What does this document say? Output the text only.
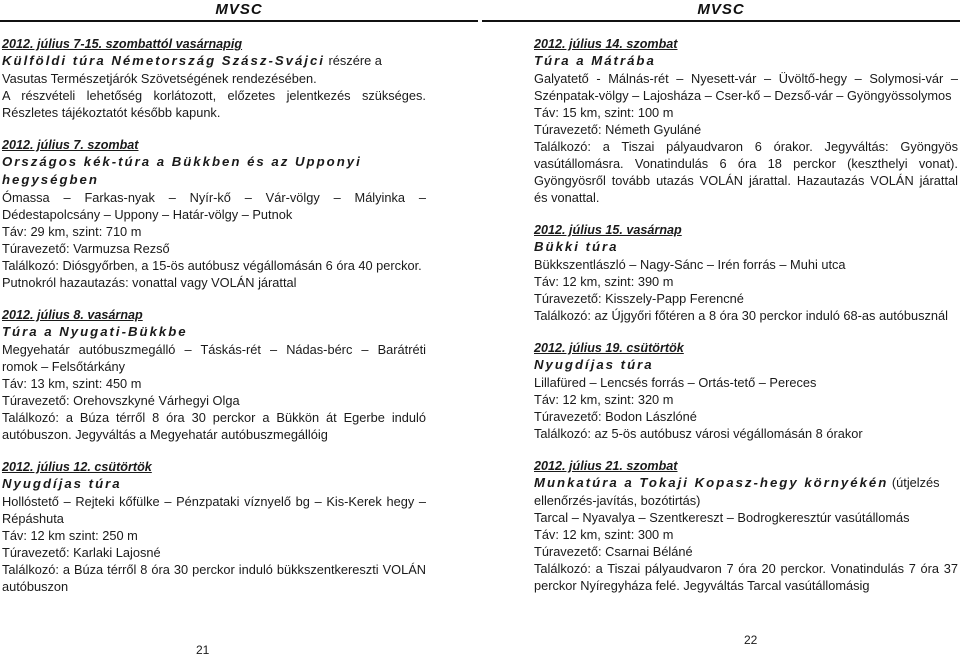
MVSC
2012. július 7-15. szombattól vasárnapig
Külföldi túra Németország Szász-Svájci részére a Vasutas Természetjárók Szövetségének rendezésében.
A részvételi lehetőség korlátozott, előzetes jelentkezés szükséges. Részletes tájékoztatót később kapunk.
2012. július 7. szombat
Országos kék-túra a Bükkben és az Upponyi hegységben
Ómassa – Farkas-nyak – Nyír-kő – Vár-völgy – Mályinka – Dédestapolcsány – Uppony – Határ-völgy – Putnok
Táv: 29 km, szint: 710 m
Túravezető: Varmuzsa Rezső
Találkozó: Diósgyőrben, a 15-ös autóbusz végállomásán 6 óra 40 perckor.
Putnokról hazautazás: vonattal vagy VOLÁN járattal
2012. július 8. vasárnap
Túra a Nyugati-Bükkbe
Megyehatár autóbuszmegálló – Táskás-rét – Nádas-bérc – Barátréti romok – Felsőtárkány
Táv: 13 km, szint: 450 m
Túravezető: Orehovszkyné Várhegyi Olga
Találkozó: a Búza térről 8 óra 30 perckor a Bükkön át Egerbe induló autóbuszon. Jegyváltás a Megyehatár autóbuszmegállóig
2012. július 12. csütörtök
Nyugdíjas túra
Hollóstető – Rejteki kőfülke – Pénzpataki víznyelő bg – Kis-Kerek hegy – Répáshuta
Táv: 12 km szint: 250 m
Túravezető: Karlaki Lajosné
Találkozó: a Búza térről 8 óra 30 perckor induló bükkszentkereszti VOLÁN autóbuszon
21
MVSC
2012. július 14. szombat
Túra a Mátrába
Galyatető - Málnás-rét – Nyesett-vár – Üvöltő-hegy – Solymosi-vár – Szénpatak-völgy – Lajosháza – Cser-kő – Dezső-vár – Gyöngyössolymos
Táv: 15 km, szint: 100 m
Túravezető: Németh Gyuláné
Találkozó: a Tiszai pályaudvaron 6 órakor. Jegyváltás: Gyöngyös vasútállomásra. Vonatindulás 6 óra 18 perckor (keszthelyi vonat). Gyöngyösről tovább utazás VOLÁN járattal. Hazautazás VOLÁN járattal és vonattal.
2012. július 15. vasárnap
Bükki túra
Bükkszentlászló – Nagy-Sánc – Irén forrás – Muhi utca
Táv: 12 km, szint: 390 m
Túravezető: Kisszely-Papp Ferencné
Találkozó: az Újgyőri főtéren a 8 óra 30 perckor induló 68-as autóbusznál
2012. július 19. csütörtök
Nyugdíjas túra
Lillafüred – Lencsés forrás – Ortás-tető – Pereces
Táv: 12 km, szint: 320 m
Túravezető: Bodon Lászlóné
Találkozó: az 5-ös autóbusz városi végállomásán 8 órakor
2012. július 21. szombat
Munkatúra a Tokaji Kopasz-hegy környékén (útjelzés ellenőrzés-javítás, bozótirtás)
Tarcal – Nyavalya – Szentkereszt – Bodrogkeresztúr vasútállomás
Táv: 12 km, szint: 300 m
Túravezető: Csarnai Béláné
Találkozó: a Tiszai pályaudvaron 7 óra 20 perckor. Vonatindulás 7 óra 37 perckor Nyíregyháza felé. Jegyváltás Tarcal vasútállomásig
22
